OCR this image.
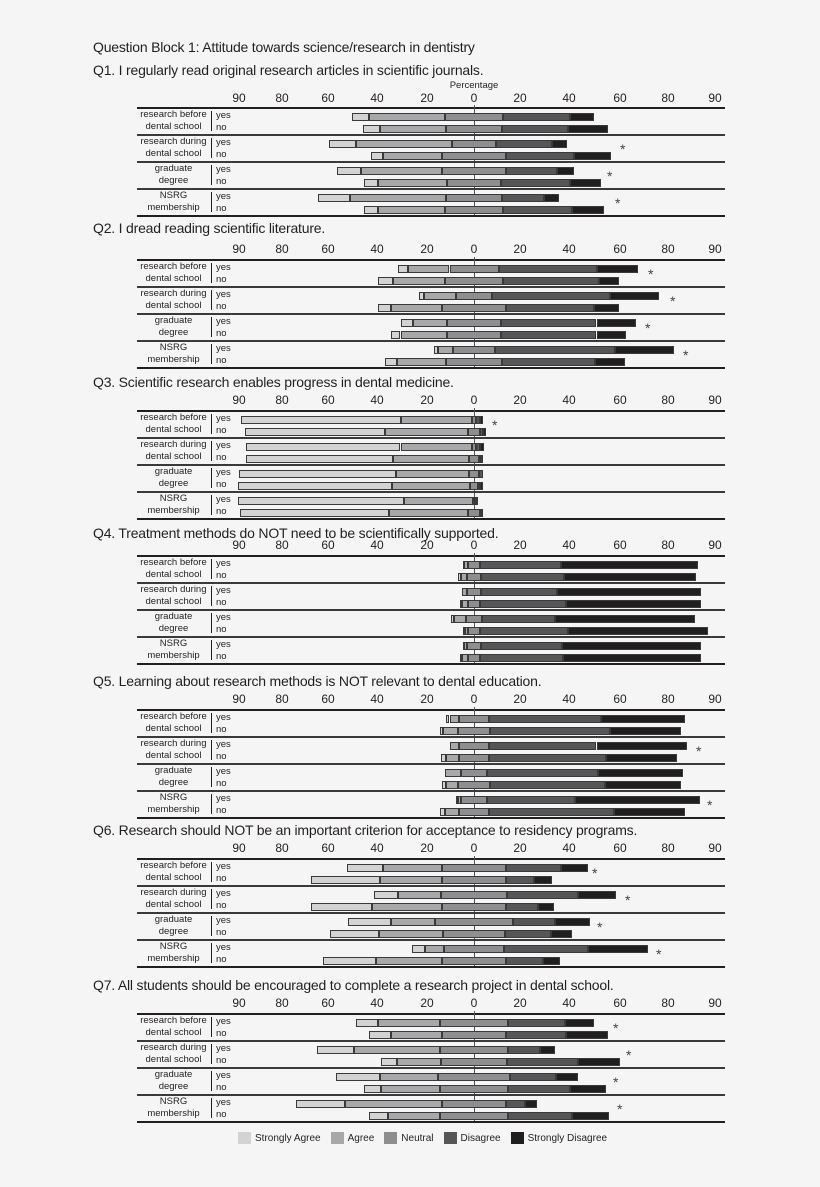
Question Block 1: Attitude towards science/research in dentistry
Percentage
Q1. I regularly read original research articles in scientific journals.
90 80	60	40	20	0	20	40	60	80	90
research before
dental school
yes
no
research during
dental school
yes
no	*
graduate
degree
yes
no	*
NSRG
membership
yes
no	*
Q2. I dread reading scientific literature.
90 80	60	40	20	0	20	40	60	80	90
research before
dental school
yes
no	*
research during
dental school
yes
no	*
graduate
degree
yes
no	*
NSRG
membership
yes
no	*
Q3. Scientific research enables progress in dental medicine.
90 80	60	40	20	0	20	40	60	80	90
research before
dental school
yes
no	*
research during
dental school
yes
no
graduate
degree
yes
no
NSRG
membership
yes
no
Q4. Treatment methods do NOT need to be scientifically supported.
90 80	60	40	20	0	20	40	60	80	90
research before
dental school
yes
no
research during
dental school
yes
no
graduate
degree
yes
no
NSRG
membership
yes
no
Q5. Learning about research methods is NOT relevant to dental education.
90 80	60	40	20	0	20	40	60	80	90
research before
dental school
yes
no
research during
dental school
yes
no	*
graduate
degree
yes
no
NSRG
membership
yes
no	*
Q6. Research should NOT be an important criterion for acceptance to residency programs.
90 80	60	40	20	0	20	40	60	80	90
research before
dental school
yes
no	*
research during
dental school
yes
no	*
graduate
degree
yes
no	*
NSRG
membership
yes
no	*
Q7. All students should be encouraged to complete a research project in dental school.
90 80	60	40	20	0	20	40	60	80	90
research before
dental school
yes
no	*
research during
dental school
yes
no	*
graduate
degree
yes
no	*
NSRG
membership
yes
no	*
Strongly Agree	Agree	Neutral	Disagree	Strongly Disagree
